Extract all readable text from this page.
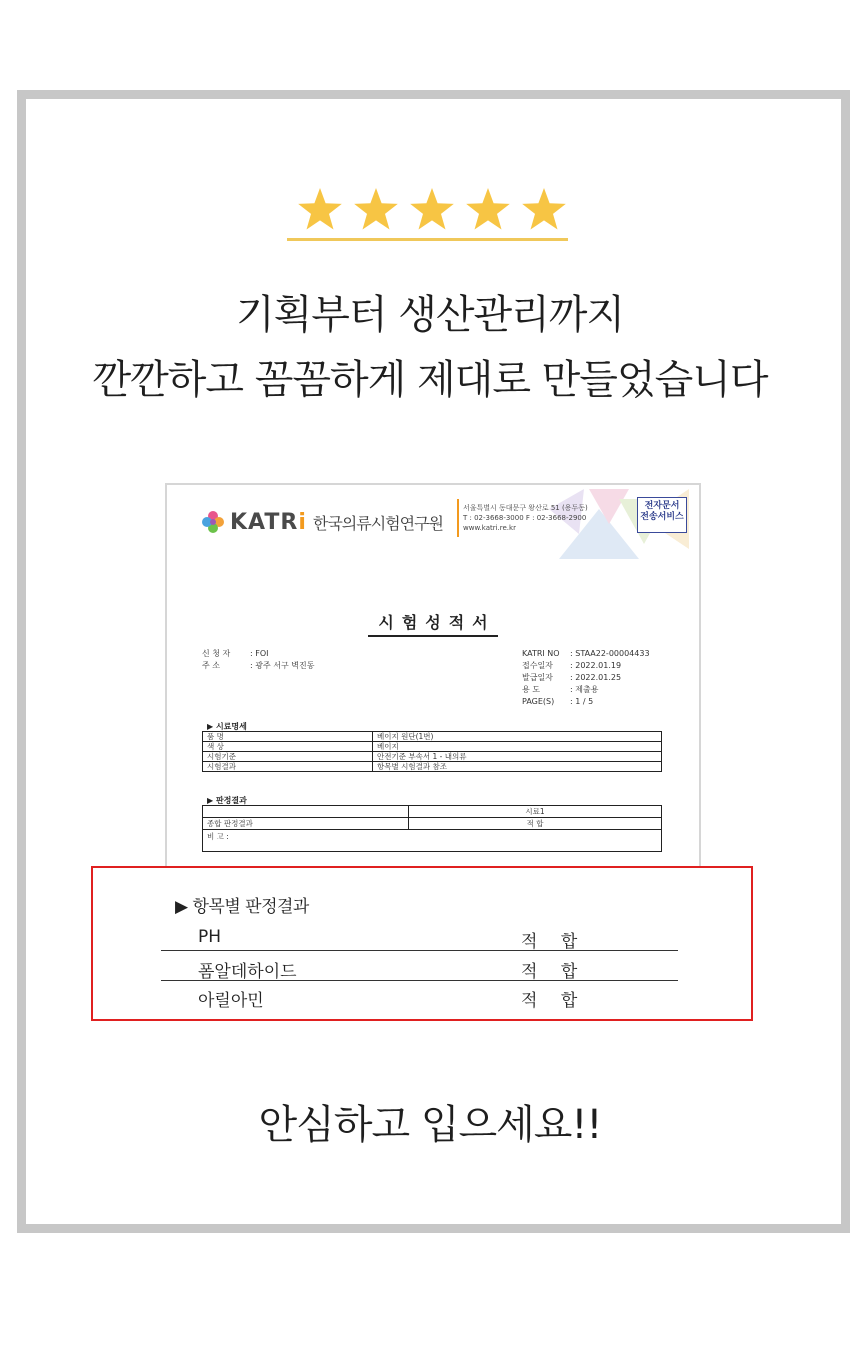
기획부터 생산관리까지
깐깐하고 꼼꼼하게 제대로 만들었습니다
KATRi 한국의류시험연구원
서울특별시 동대문구 왕산로 51 (용두동)
T : 02-3668-3000 F : 02-3668-2900
www.katri.re.kr
전자문서
전송서비스
시험성적서
신 청 자	: FOI
주 소	: 광주 서구 벽진동
KATRI NO	: STAA22-00004433
접수일자	: 2022.01.19
발급일자	: 2022.01.25
용 도	: 제출용
PAGE(S)	: 1 / 5
▶ 시료명세
품 명	베이지 원단(1번)
색 상	베이지
시험기준	안전기준 부속서 1 - 내의류
시험결과	항목별 시험결과 참조
▶ 판정결과
	시료1
종합 판정결과	적 합
비 고 :	
▶ 항목별 판정결과
PH	적 합
폼알데하이드	적 합
아릴아민	적 합
안심하고 입으세요!!
